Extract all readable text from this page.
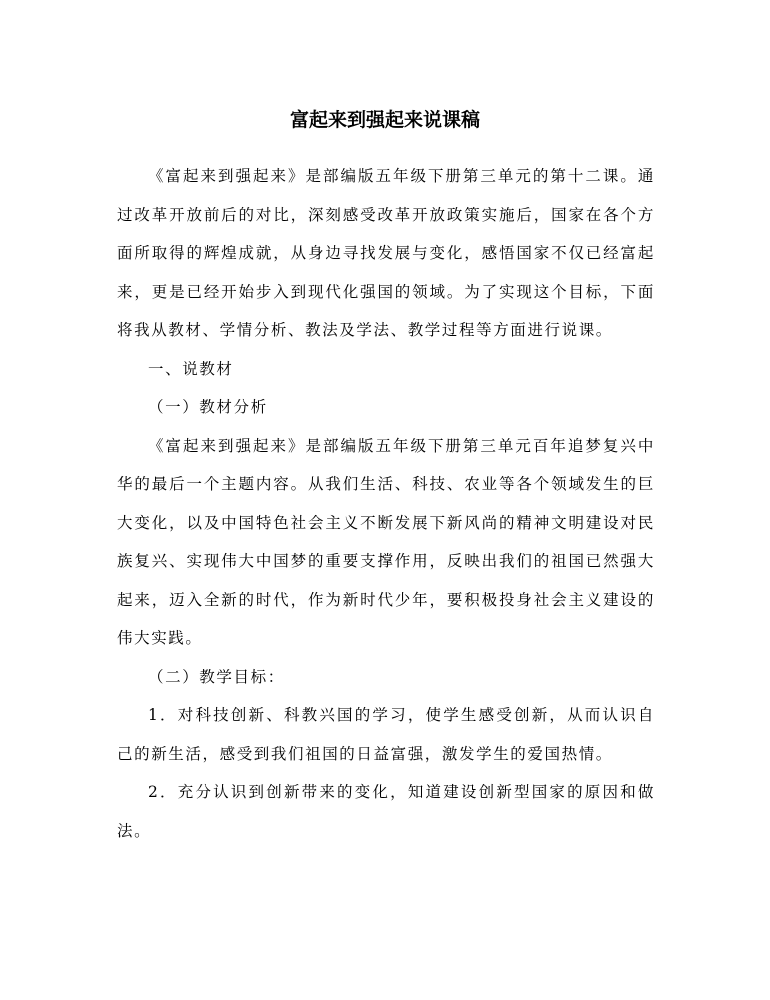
富起来到强起来说课稿

《富起来到强起来》是部编版五年级下册第三单元的第十二课。通过改革开放前后的对比，深刻感受改革开放政策实施后，国家在各个方面所取得的辉煌成就，从身边寻找发展与变化，感悟国家不仅已经富起来，更是已经开始步入到现代化强国的领域。为了实现这个目标，下面将我从教材、学情分析、教法及学法、教学过程等方面进行说课。

一、说教材

（一）教材分析

《富起来到强起来》是部编版五年级下册第三单元百年追梦复兴中华的最后一个主题内容。从我们生活、科技、农业等各个领域发生的巨大变化，以及中国特色社会主义不断发展下新风尚的精神文明建设对民族复兴、实现伟大中国梦的重要支撑作用，反映出我们的祖国已然强大起来，迈入全新的时代，作为新时代少年，要积极投身社会主义建设的伟大实践。

（二）教学目标：

1．对科技创新、科教兴国的学习，使学生感受创新，从而认识自己的新生活，感受到我们祖国的日益富强，激发学生的爱国热情。

2．充分认识到创新带来的变化，知道建设创新型国家的原因和做法。
